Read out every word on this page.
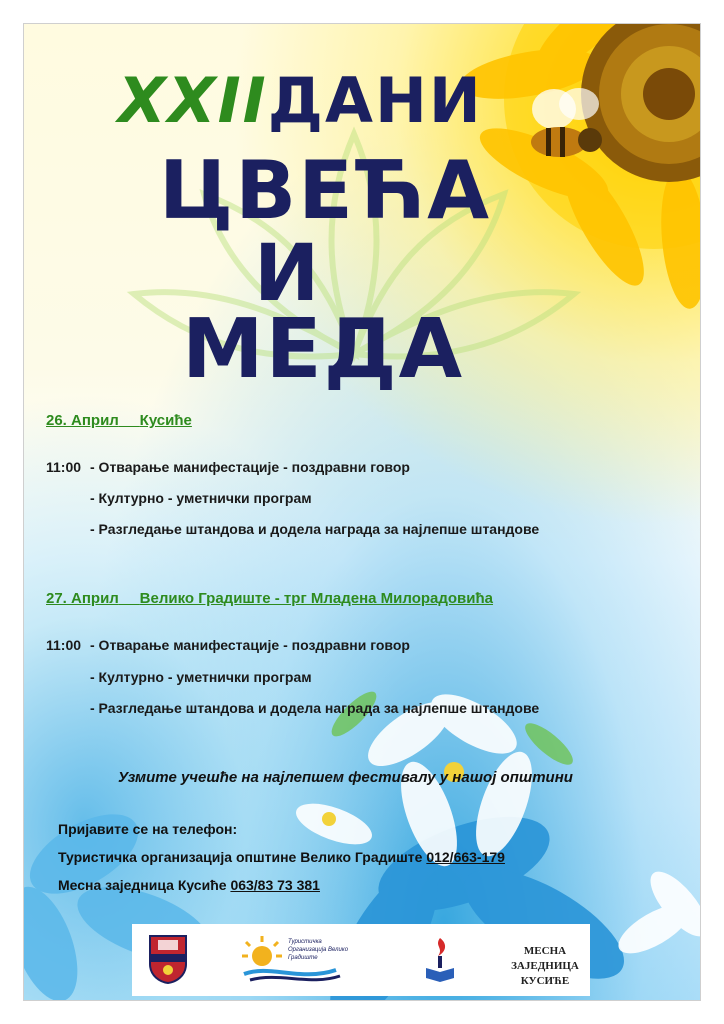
XXIIДАНИ
ЦВЕЋА
И
МЕДА
26. Април Кусиће
11:00 - Отварање манифестације - поздравни говор
- Културно - уметнички програм
- Разгледање штандова и додела награда за најлепше штандове
27. Април Велико Градиште - трг Младена Милорадовића
11:00 - Отварање манифестације - поздравни говор
- Културно - уметнички програм
- Разгледање штандова и додела награда за најлепше штандове
Узмите учешће на најлепшем фестивалу у нашој општини
Пријавите се на телефон:
Туристичка организација општине Велико Градиште 012/663-179
Месна заједница Кусиће 063/83 73 381
Туристичка Организација Велико Градиште
МЕСНА ЗАЈЕДНИЦА
КУСИЋЕ
